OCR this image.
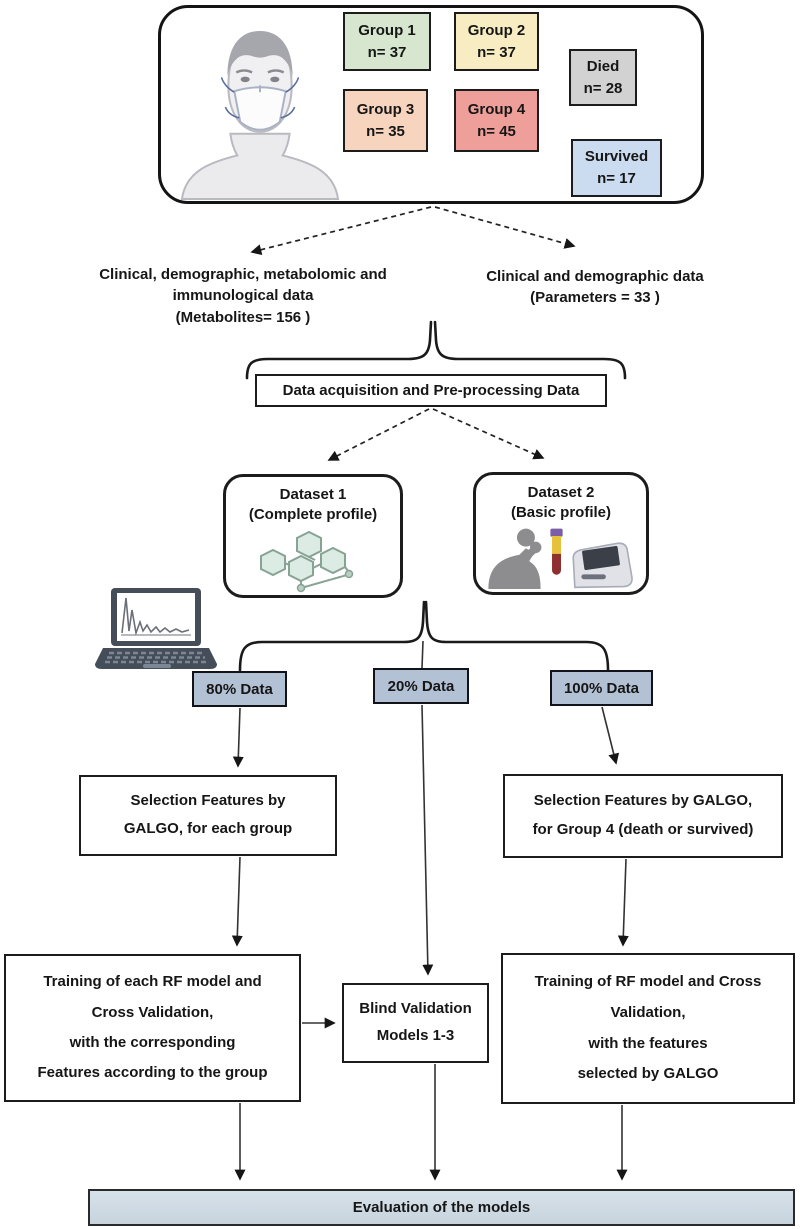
Group 1
n= 37
Group 2
n= 37
Group 3
n= 35
Group 4
n= 45
Died
n= 28
Survived
n= 17
Clinical, demographic, metabolomic and
immunological data
(Metabolites= 156 )
Clinical and demographic data
(Parameters = 33 )
Data acquisition and Pre-processing Data
Dataset 1
(Complete profile)
Dataset 2
(Basic profile)
80% Data	20% Data	100% Data
Selection Features by
GALGO, for each group
Selection Features by GALGO,
for Group 4 (death or survived)
Training of each RF model and
Cross Validation,
with the corresponding
Features according to the group
Blind Validation
Models 1-3
Training of RF model and Cross
Validation,
with the features
selected by GALGO
Evaluation of the models
